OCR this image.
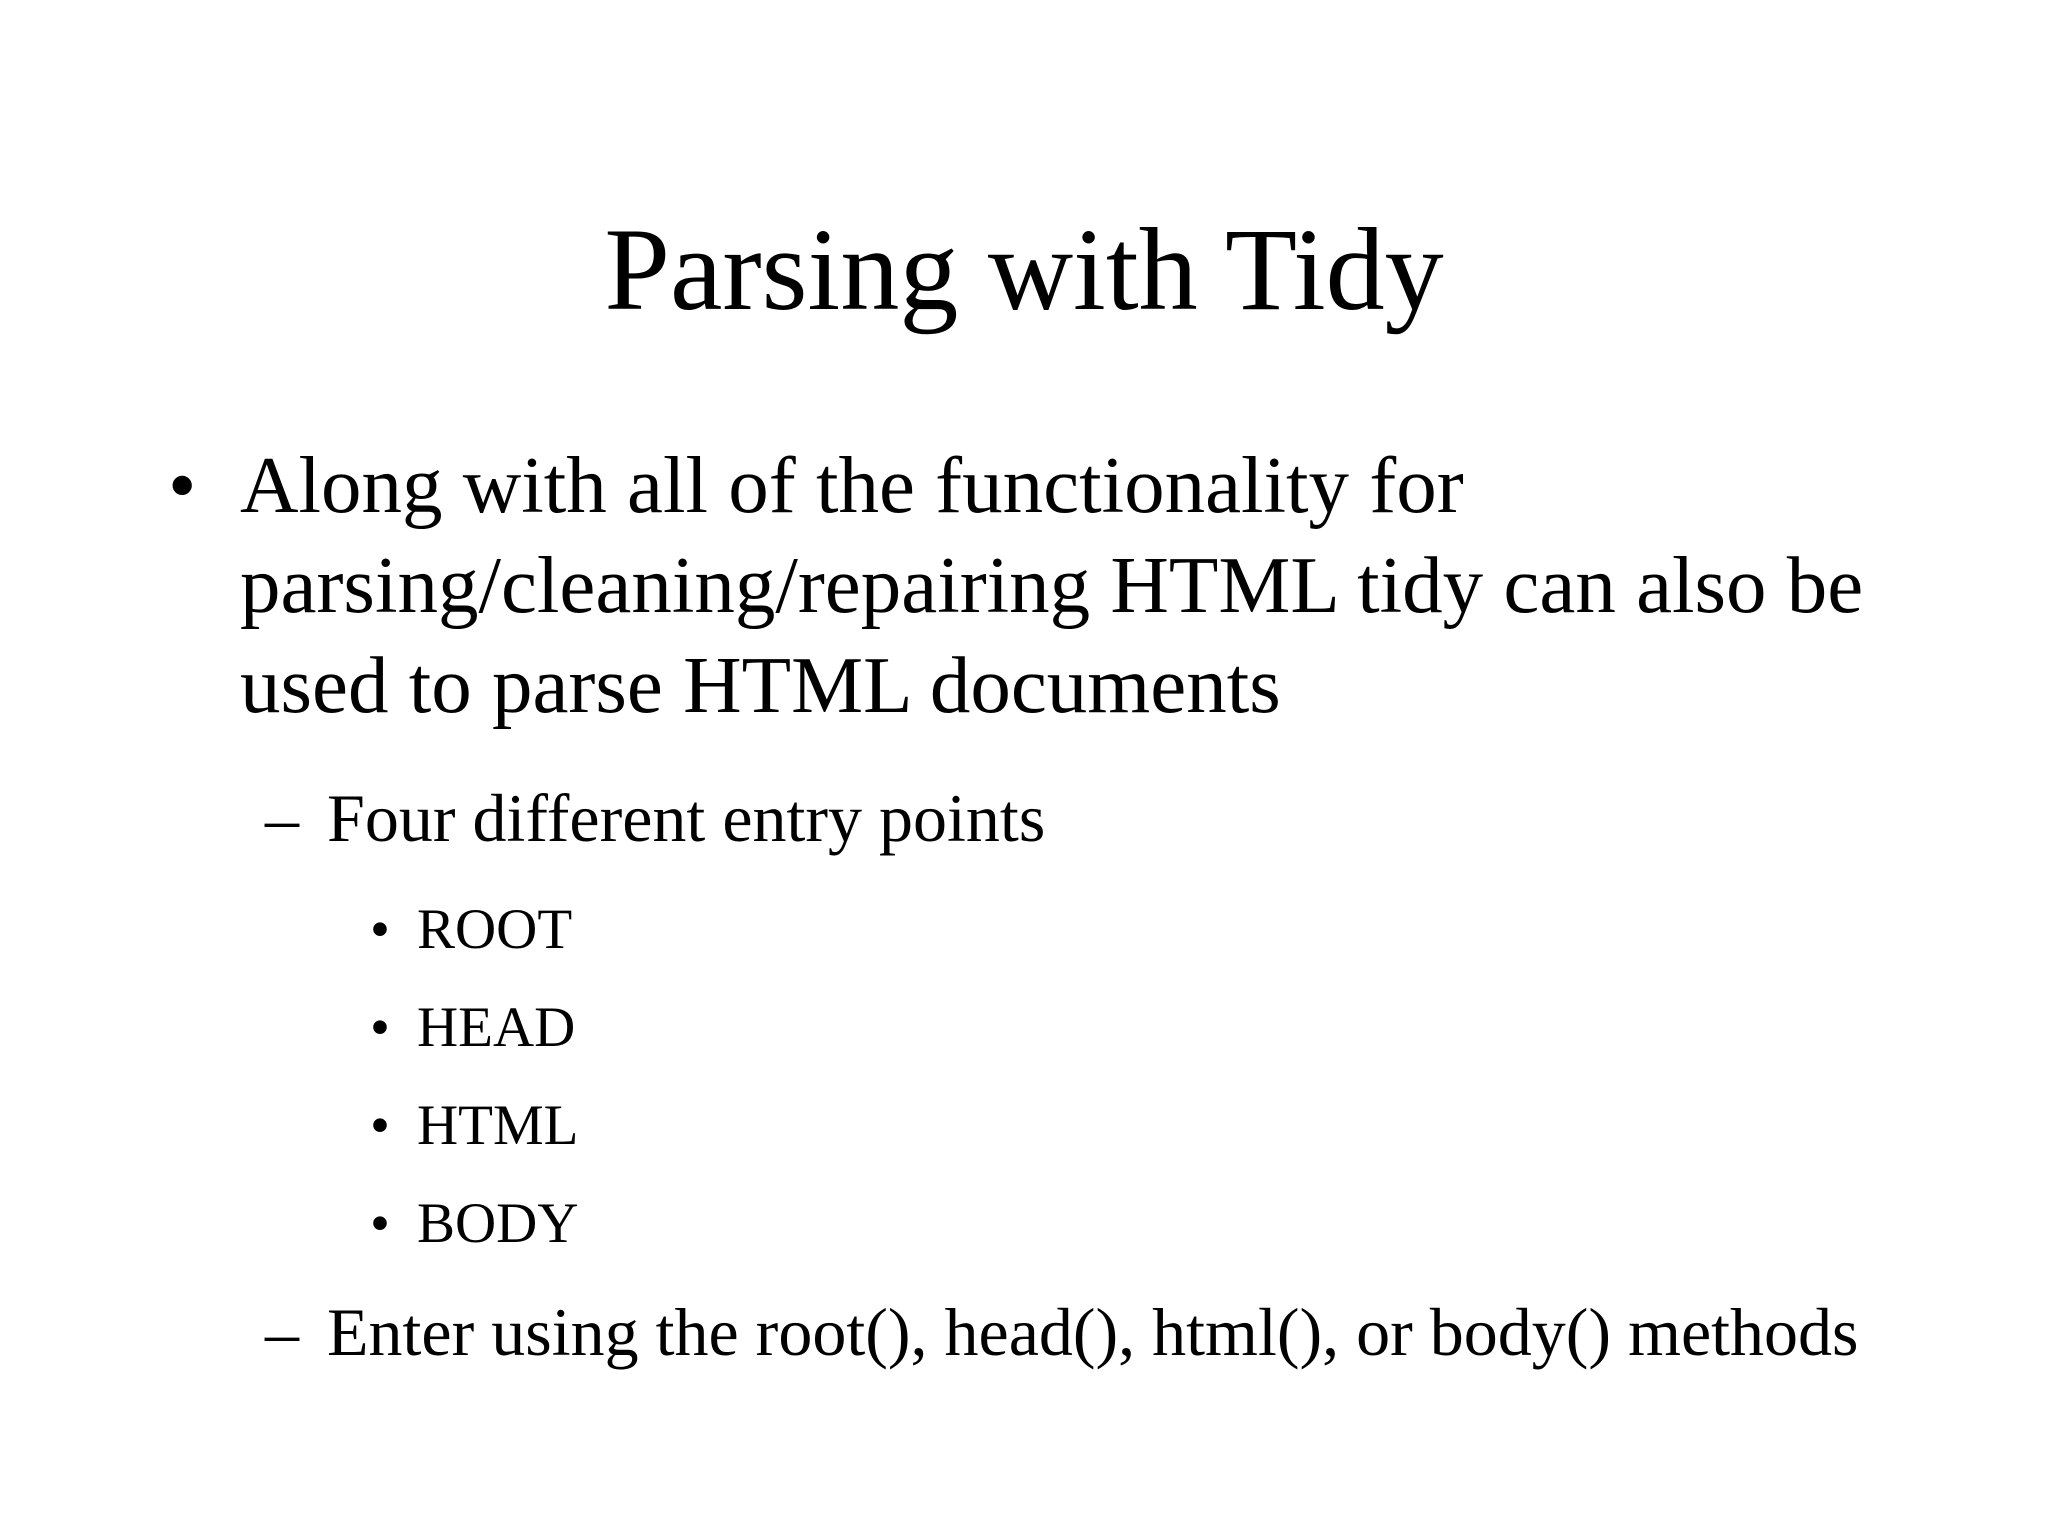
Parsing with Tidy
• Along with all of the functionality for parsing/cleaning/repairing HTML tidy can also be used to parse HTML documents
– Four different entry points
• ROOT
• HEAD
• HTML
• BODY
– Enter using the root(), head(), html(), or body() methods
